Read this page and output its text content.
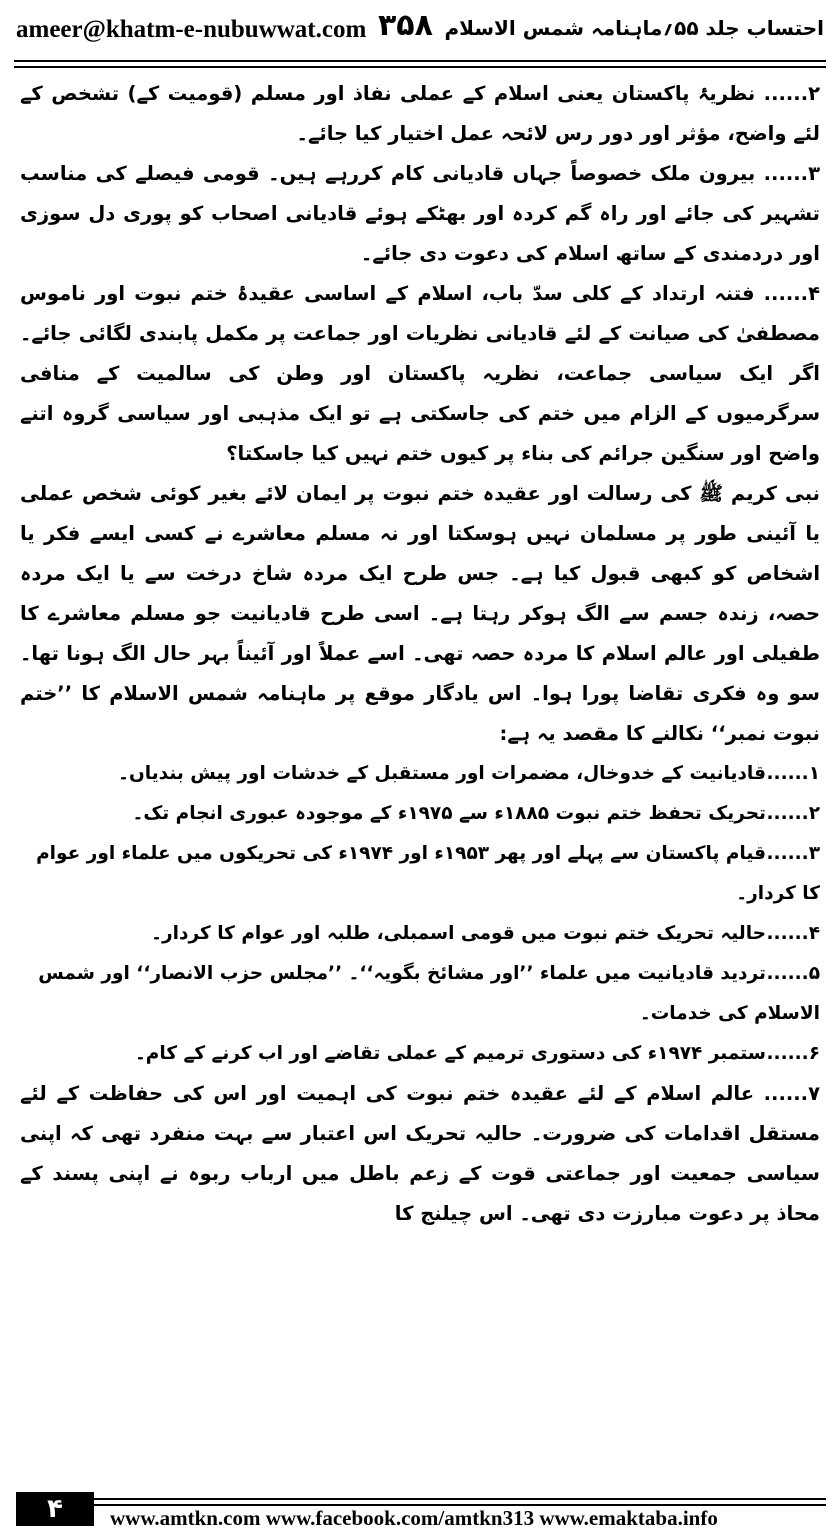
ameer@khatm-e-nubuwwat.com ۳۵۸ احتساب جلد ۵۵؍ماہنامہ شمس الاسلام

۲...... نظریۂ پاکستان یعنی اسلام کے عملی نفاذ اور مسلم (قومیت کے) تشخص کے لئے واضح، مؤثر اور دور رس لائحہ عمل اختیار کیا جائے۔

۳...... بیرون ملک خصوصاً جہاں قادیانی کام کررہے ہیں۔ قومی فیصلے کی مناسب تشہیر کی جائے اور راہ گم کردہ اور بھٹکے ہوئے قادیانی اصحاب کو پوری دل سوزی اور دردمندی کے ساتھ اسلام کی دعوت دی جائے۔

۴...... فتنہ ارتداد کے کلی سدّ باب، اسلام کے اساسی عقیدۂ ختم نبوت اور ناموس مصطفیٰ کی صیانت کے لئے قادیانی نظریات اور جماعت پر مکمل پابندی لگائی جائے۔ اگر ایک سیاسی جماعت، نظریہ پاکستان اور وطن کی سالمیت کے منافی سرگرمیوں کے الزام میں ختم کی جاسکتی ہے تو ایک مذہبی اور سیاسی گروہ اتنے واضح اور سنگین جرائم کی بناء پر کیوں ختم نہیں کیا جاسکتا؟

نبی کریم ﷺ کی رسالت اور عقیدہ ختم نبوت پر ایمان لائے بغیر کوئی شخص عملی یا آئینی طور پر مسلمان نہیں ہوسکتا اور نہ مسلم معاشرے نے کسی ایسے فکر یا اشخاص کو کبھی قبول کیا ہے۔ جس طرح ایک مردہ شاخ درخت سے یا ایک مردہ حصہ، زندہ جسم سے الگ ہوکر رہتا ہے۔ اسی طرح قادیانیت جو مسلم معاشرے کا طفیلی اور عالم اسلام کا مردہ حصہ تھی۔ اسے عملاً اور آئیناً بہر حال الگ ہونا تھا۔ سو وہ فکری تقاضا پورا ہوا۔ اس یادگار موقع پر ماہنامہ شمس الاسلام کا ’’ختم نبوت نمبر‘‘ نکالنے کا مقصد یہ ہے:

۱......قادیانیت کے خدوخال، مضمرات اور مستقبل کے خدشات اور پیش بندیاں۔

۲......تحریک تحفظ ختم نبوت ۱۸۸۵ء سے ۱۹۷۵ء کے موجودہ عبوری انجام تک۔

۳......قیام پاکستان سے پہلے اور پھر ۱۹۵۳ء اور ۱۹۷۴ء کی تحریکوں میں علماء اور عوام کا کردار۔

۴......حالیہ تحریک ختم نبوت میں قومی اسمبلی، طلبہ اور عوام کا کردار۔

۵......تردید قادیانیت میں علماء ’’اور مشائخ بگویہ‘‘۔ ’’مجلس حزب الانصار‘‘ اور شمس الاسلام کی خدمات۔

۶......ستمبر ۱۹۷۴ء کی دستوری ترمیم کے عملی تقاضے اور اب کرنے کے کام۔

۷...... عالم اسلام کے لئے عقیدہ ختم نبوت کی اہمیت اور اس کی حفاظت کے لئے مستقل اقدامات کی ضرورت۔ حالیہ تحریک اس اعتبار سے بہت منفرد تھی کہ اپنی سیاسی جمعیت اور جماعتی قوت کے زعم باطل میں ارباب ربوہ نے اپنی پسند کے محاذ پر دعوت مبارزت دی تھی۔ اس چیلنج کا

۴	www.amtkn.com www.facebook.com/amtkn313 www.emaktaba.info
